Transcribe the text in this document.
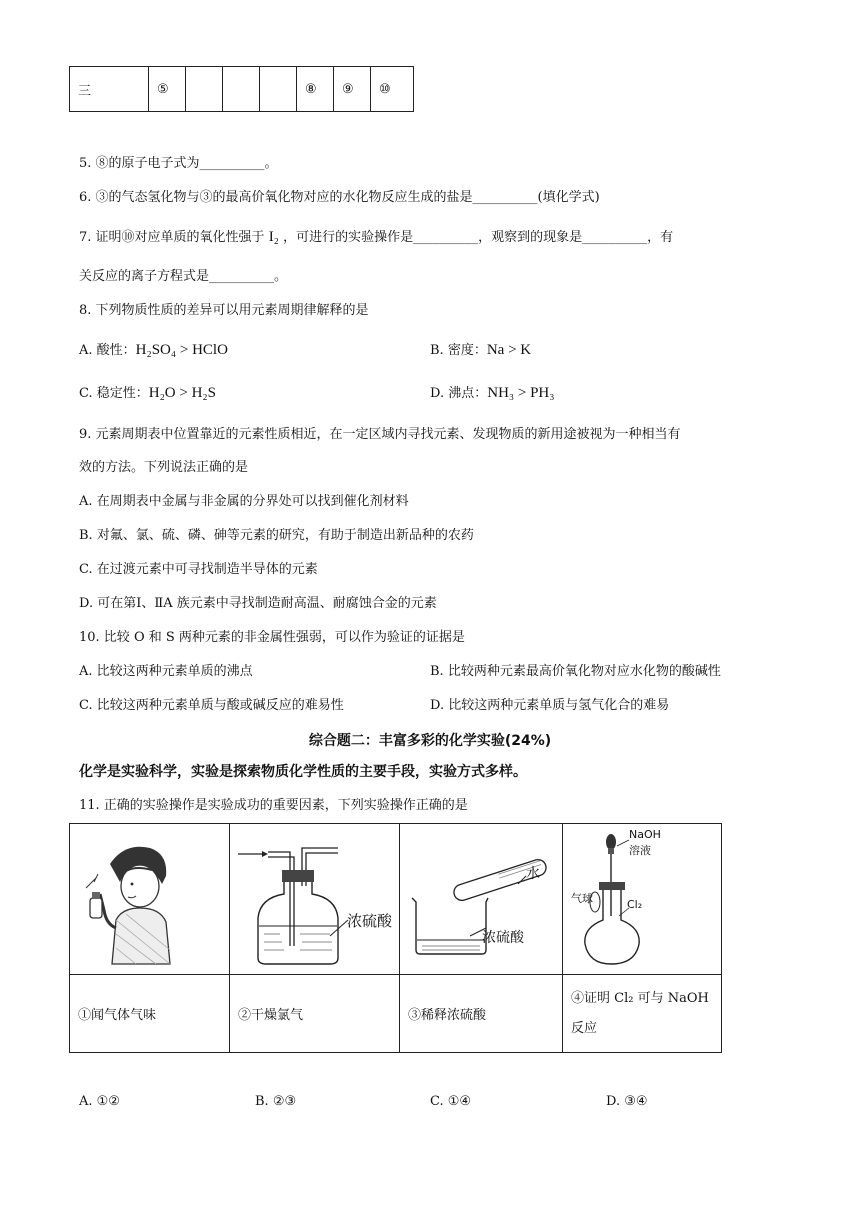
三	⑤				⑧	⑨	⑩
5. ⑧的原子电子式为__________。
6. ③的气态氢化物与③的最高价氧化物对应的水化物反应生成的盐是__________(填化学式)
7. 证明⑩对应单质的氧化性强于 I₂ ，可进行的实验操作是__________，观察到的现象是__________，有
关反应的离子方程式是__________。
8. 下列物质性质的差异可以用元素周期律解释的是
A. 酸性：H₂SO₄ > HClO	B. 密度：Na > K
C. 稳定性：H₂O > H₂S	D. 沸点：NH₃ > PH₃
9. 元素周期表中位置靠近的元素性质相近，在一定区域内寻找元素、发现物质的新用途被视为一种相当有
效的方法。下列说法正确的是
A. 在周期表中金属与非金属的分界处可以找到催化剂材料
B. 对氟、氯、硫、磷、砷等元素的研究，有助于制造出新品种的农药
C. 在过渡元素中可寻找制造半导体的元素
D. 可在第Ⅰ、ⅡA 族元素中寻找制造耐高温、耐腐蚀合金的元素
10. 比较 O 和 S 两种元素的非金属性强弱，可以作为验证的证据是
A. 比较这两种元素单质的沸点	B. 比较两种元素最高价氧化物对应水化物的酸碱性
C. 比较这两种元素单质与酸或碱反应的难易性	D. 比较这两种元素单质与氢气化合的难易
综合题二：丰富多彩的化学实验(24%)
化学是实验科学，实验是探索物质化学性质的主要手段，实验方式多样。
11. 正确的实验操作是实验成功的重要因素，下列实验操作正确的是

浓硫酸	水
浓硫酸	NaOH
溶液
气球 Cl₂

①闻气体气味	②干燥氯气	③稀释浓硫酸	④证明 Cl₂ 可与 NaOH
反应
A. ①②	B. ②③	C. ①④	D. ③④
